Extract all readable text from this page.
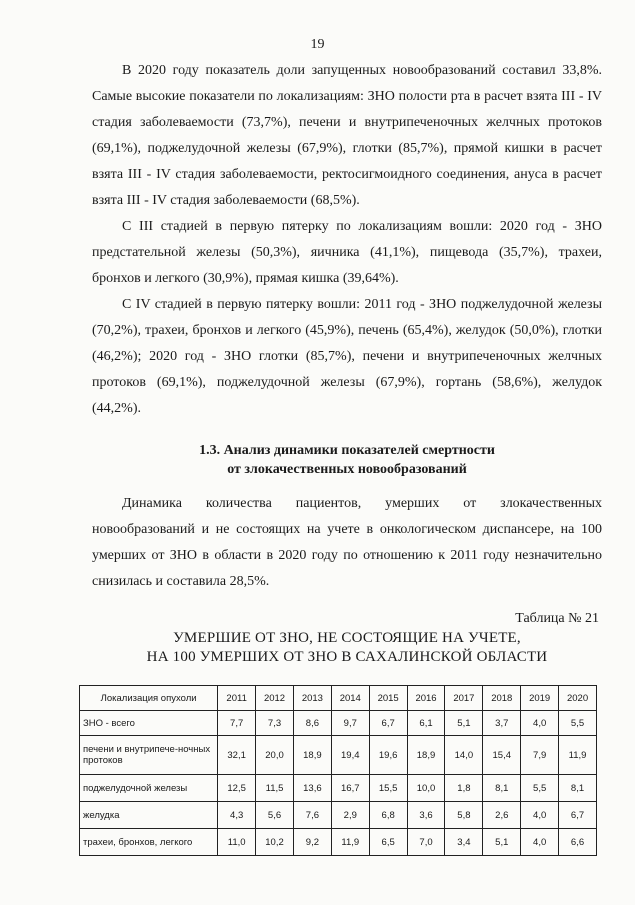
19

В 2020 году показатель доли запущенных новообразований составил 33,8%. Самые высокие показатели по локализациям: ЗНО полости рта в расчет взята III - IV стадия заболеваемости (73,7%), печени и внутрипеченочных желчных протоков (69,1%), поджелудочной железы (67,9%), глотки (85,7%), прямой кишки в расчет взята III - IV стадия заболеваемости, ректосигмоидного соединения, ануса в расчет взята III - IV стадия заболеваемости (68,5%).

С III стадией в первую пятерку по локализациям вошли: 2020 год - ЗНО предстательной железы (50,3%), яичника (41,1%), пищевода (35,7%), трахеи, бронхов и легкого (30,9%), прямая кишка (39,64%).

С IV стадией в первую пятерку вошли: 2011 год - ЗНО поджелудочной железы (70,2%), трахеи, бронхов и легкого (45,9%), печень (65,4%), желудок (50,0%), глотки (46,2%); 2020 год - ЗНО глотки (85,7%), печени и внутрипеченочных желчных протоков (69,1%), поджелудочной железы (67,9%), гортань (58,6%), желудок (44,2%).

1.3. Анализ динамики показателей смертности
от злокачественных новообразований

Динамика количества пациентов, умерших от злокачественных новообразований и не состоящих на учете в онкологическом диспансере, на 100 умерших от ЗНО в области в 2020 году по отношению к 2011 году незначительно снизилась и составила 28,5%.

Таблица № 21
УМЕРШИЕ ОТ ЗНО, НЕ СОСТОЯЩИЕ НА УЧЕТЕ,
НА 100 УМЕРШИХ ОТ ЗНО В САХАЛИНСКОЙ ОБЛАСТИ
Локализация опухоли	2011	2012	2013	2014	2015	2016	2017	2018	2019	2020
ЗНО - всего	7,7	7,3	8,6	9,7	6,7	6,1	5,1	3,7	4,0	5,5
печени и внутрипече-ночных протоков	32,1	20,0	18,9	19,4	19,6	18,9	14,0	15,4	7,9	11,9
поджелудочной железы	12,5	11,5	13,6	16,7	15,5	10,0	1,8	8,1	5,5	8,1
желудка	4,3	5,6	7,6	2,9	6,8	3,6	5,8	2,6	4,0	6,7
трахеи, бронхов, легкого	11,0	10,2	9,2	11,9	6,5	7,0	3,4	5,1	4,0	6,6
